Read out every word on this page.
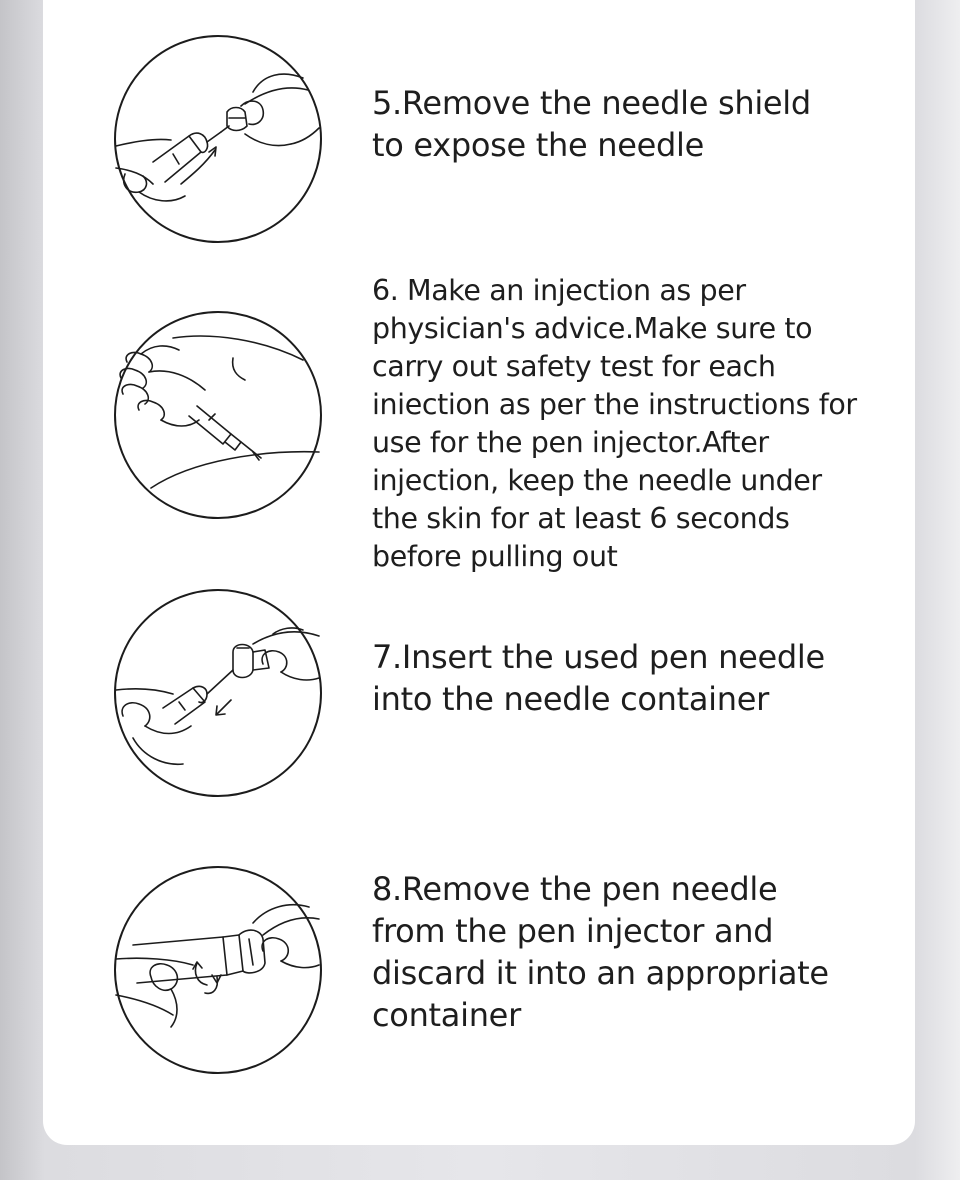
5.Remove the needle shield
to expose the needle

6. Make an injection as per
physician's advice.Make sure to
carry out safety test for each
iniection as per the instructions for
use for the pen injector.After
injection, keep the needle under
the skin for at least 6 seconds
before pulling out

7.Insert the used pen needle
into the needle container

8.Remove the pen needle
from the pen injector and
discard it into an appropriate
container
